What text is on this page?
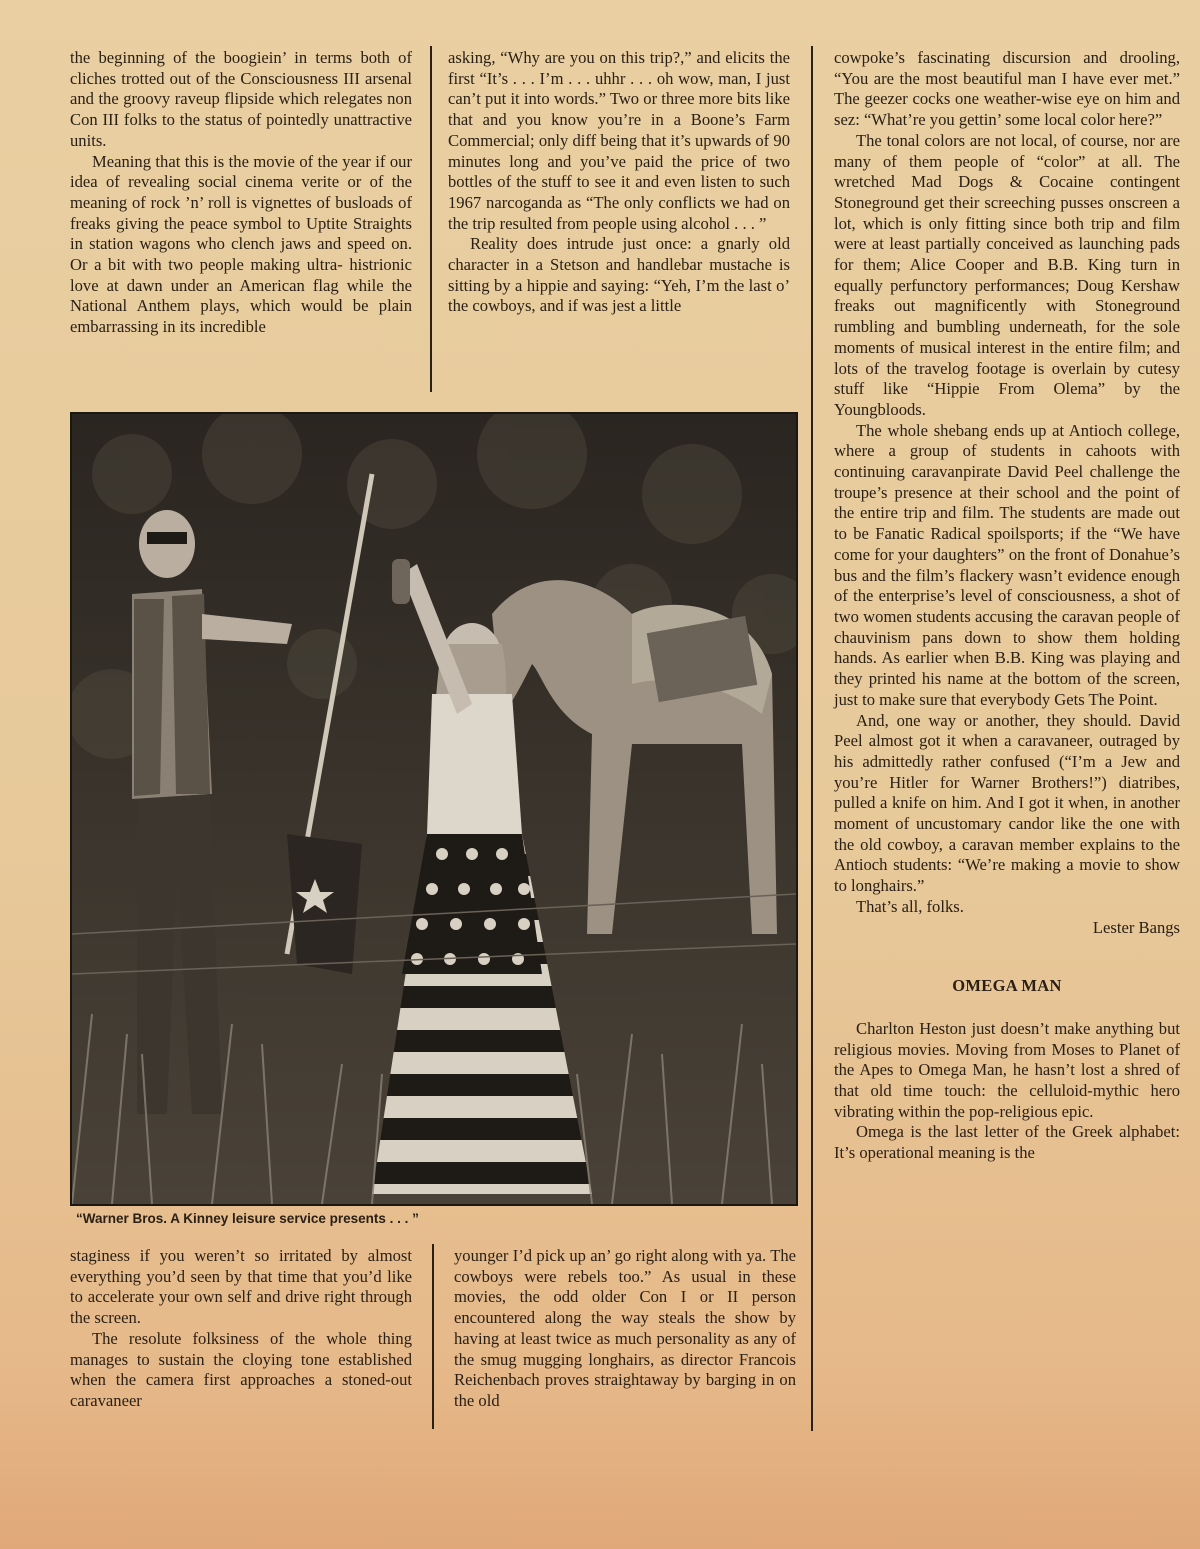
the beginning of the boogiein’ in terms both of cliches trotted out of the Consciousness III arsenal and the groovy raveup flipside which relegates non Con III folks to the status of pointedly unattractive units.

Meaning that this is the movie of the year if our idea of revealing social cinema verite or of the meaning of rock ’n’ roll is vignettes of busloads of freaks giving the peace symbol to Uptite Straights in station wagons who clench jaws and speed on. Or a bit with two people making ultra- histrionic love at dawn under an American flag while the National Anthem plays, which would be plain embarrassing in its incredible

asking, “Why are you on this trip?,” and elicits the first “It’s . . . I’m . . . uhhr . . . oh wow, man, I just can’t put it into words.” Two or three more bits like that and you know you’re in a Boone’s Farm Commercial; only diff being that it’s upwards of 90 minutes long and you’ve paid the price of two bottles of the stuff to see it and even listen to such 1967 narcoganda as “The only conflicts we had on the trip resulted from people using alcohol . . . ”

Reality does intrude just once: a gnarly old character in a Stetson and handlebar mustache is sitting by a hippie and saying: “Yeh, I’m the last o’ the cowboys, and if was jest a little

“Warner Bros. A Kinney leisure service presents . . . ”

staginess if you weren’t so irritated by almost everything you’d seen by that time that you’d like to accelerate your own self and drive right through the screen.

The resolute folksiness of the whole thing manages to sustain the cloying tone established when the camera first approaches a stoned-out caravaneer

younger I’d pick up an’ go right along with ya. The cowboys were rebels too.” As usual in these movies, the odd older Con I or II person encountered along the way steals the show by having at least twice as much personality as any of the smug mugging longhairs, as director Francois Reichenbach proves straightaway by barging in on the old

cowpoke’s fascinating discursion and drooling, “You are the most beautiful man I have ever met.” The geezer cocks one weather-wise eye on him and sez: “What’re you gettin’ some local color here?”

The tonal colors are not local, of course, nor are many of them people of “color” at all. The wretched Mad Dogs & Cocaine contingent Stoneground get their screeching pusses onscreen a lot, which is only fitting since both trip and film were at least partially conceived as launching pads for them; Alice Cooper and B.B. King turn in equally perfunctory performances; Doug Kershaw freaks out magnificently with Stoneground rumbling and bumbling underneath, for the sole moments of musical interest in the entire film; and lots of the travelog footage is overlain by cutesy stuff like “Hippie From Olema” by the Youngbloods.

The whole shebang ends up at Antioch college, where a group of students in cahoots with continuing caravanpirate David Peel challenge the troupe’s presence at their school and the point of the entire trip and film. The students are made out to be Fanatic Radical spoilsports; if the “We have come for your daughters” on the front of Donahue’s bus and the film’s flackery wasn’t evidence enough of the enterprise’s level of consciousness, a shot of two women students accusing the caravan people of chauvinism pans down to show them holding hands. As earlier when B.B. King was playing and they printed his name at the bottom of the screen, just to make sure that everybody Gets The Point.

And, one way or another, they should. David Peel almost got it when a caravaneer, outraged by his admittedly rather confused (“I’m a Jew and you’re Hitler for Warner Brothers!”) diatribes, pulled a knife on him. And I got it when, in another moment of uncustomary candor like the one with the old cowboy, a caravan member explains to the Antioch students: “We’re making a movie to show to longhairs.”

That’s all, folks.

Lester Bangs

OMEGA MAN

Charlton Heston just doesn’t make anything but religious movies. Moving from Moses to Planet of the Apes to Omega Man, he hasn’t lost a shred of that old time touch: the celluloid-mythic hero vibrating within the pop-religious epic.

Omega is the last letter of the Greek alphabet: It’s operational meaning is the
